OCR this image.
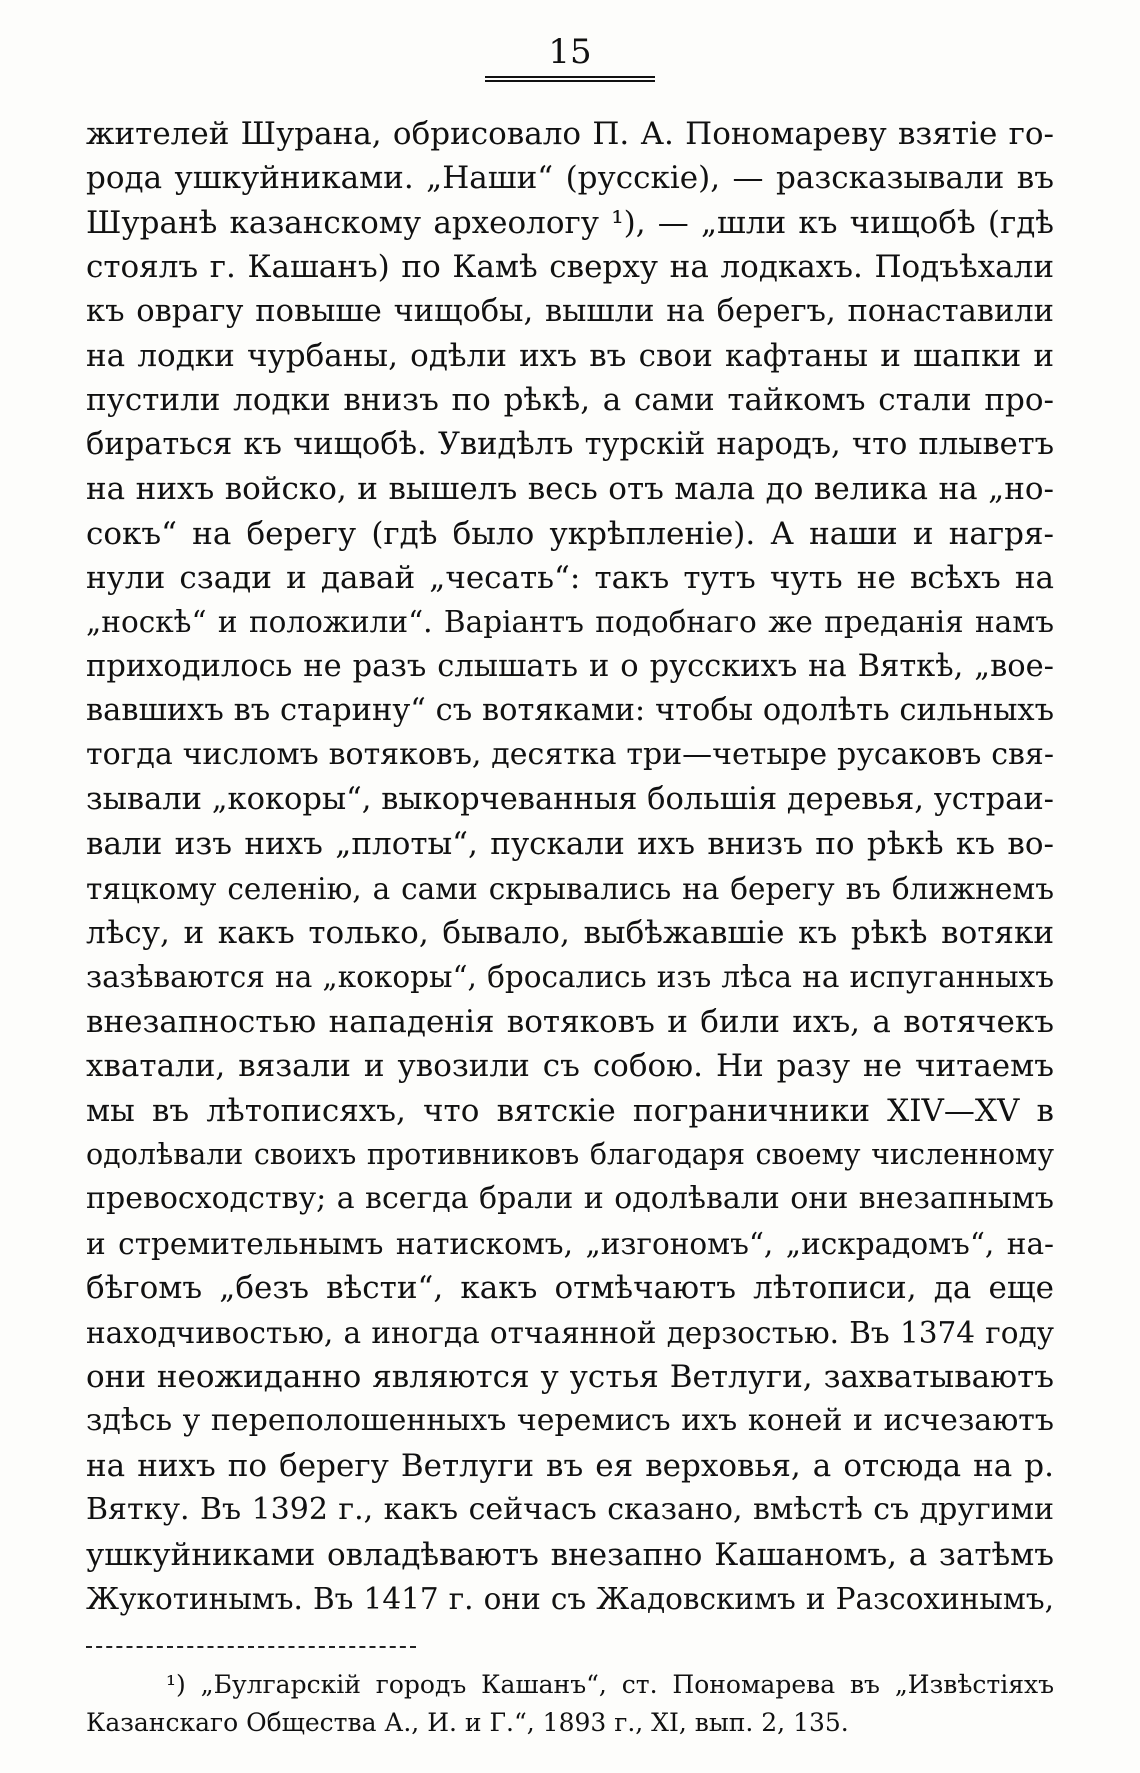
15
жителей Шурана, обрисовало П. А. Пономареву взятіе го-
рода ушкуйниками. „Наши“ (русскіе), — разсказывали въ
Шуранѣ казанскому археологу ¹), — „шли къ чищобѣ (гдѣ
стоялъ г. Кашанъ) по Камѣ сверху на лодкахъ. Подъѣхали
къ оврагу повыше чищобы, вышли на берегъ, понаставили
на лодки чурбаны, одѣли ихъ въ свои кафтаны и шапки и
пустили лодки внизъ по рѣкѣ, а сами тайкомъ стали про-
бираться къ чищобѣ. Увидѣлъ турскій народъ, что плыветъ
на нихъ войско, и вышелъ весь отъ мала до велика на „но-
сокъ“ на берегу (гдѣ было укрѣпленіе). А наши и нагря-
нули сзади и давай „чесать“: такъ тутъ чуть не всѣхъ на
„носкѣ“ и положили“. Варіантъ подобнаго же преданія намъ
приходилось не разъ слышать и о русскихъ на Вяткѣ, „вое-
вавшихъ въ старину“ съ вотяками: чтобы одолѣть сильныхъ
тогда числомъ вотяковъ, десятка три—четыре русаковъ свя-
зывали „кокоры“, выкорчеванныя большія деревья, устраи-
вали изъ нихъ „плоты“, пускали ихъ внизъ по рѣкѣ къ во-
тяцкому селенію, а сами скрывались на берегу въ ближнемъ
лѣсу, и какъ только, бывало, выбѣжавшіе къ рѣкѣ вотяки
зазѣваются на „кокоры“, бросались изъ лѣса на испуганныхъ
внезапностью нападенія вотяковъ и били ихъ, а вотячекъ
хватали, вязали и увозили съ собою. Ни разу не читаемъ
мы въ лѣтописяхъ, что вятскіе пограничники XIV—XV в
одолѣвали своихъ противниковъ благодаря своему численному
превосходству; а всегда брали и одолѣвали они внезапнымъ
и стремительнымъ натискомъ, „изгономъ“, „искрадомъ“, на-
бѣгомъ „безъ вѣсти“, какъ отмѣчаютъ лѣтописи, да еще
находчивостью, а иногда отчаянной дерзостью. Въ 1374 году
они неожиданно являются у устья Ветлуги, захватываютъ
здѣсь у переполошенныхъ черемисъ ихъ коней и исчезаютъ
на нихъ по берегу Ветлуги въ ея верховья, а отсюда на р.
Вятку. Въ 1392 г., какъ сейчасъ сказано, вмѣстѣ съ другими
ушкуйниками овладѣваютъ внезапно Кашаномъ, а затѣмъ
Жукотинымъ. Въ 1417 г. они съ Жадовскимъ и Разсохинымъ,
¹) „Булгарскій городъ Кашанъ“, ст. Пономарева въ „Извѣстіяхъ
Казанскаго Общества А., И. и Г.“, 1893 г., XI, вып. 2, 135.
